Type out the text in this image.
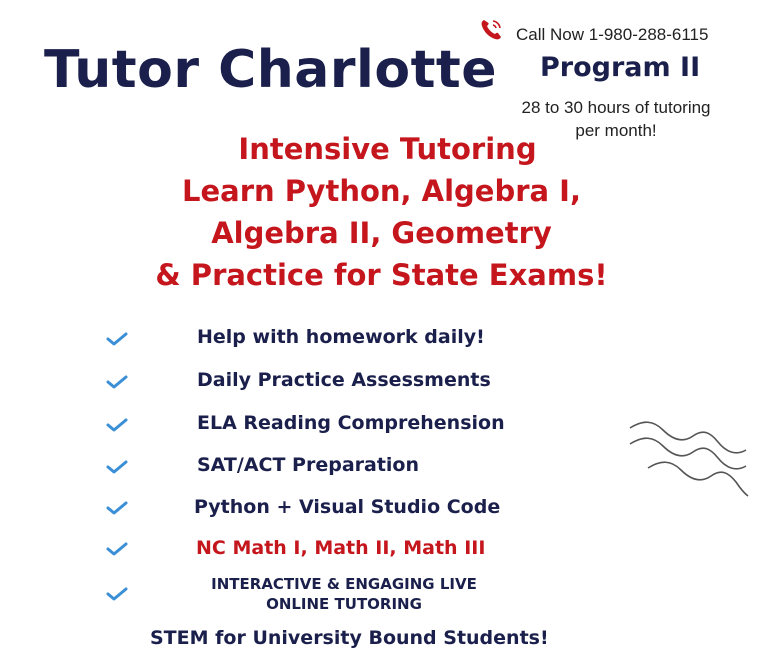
Tutor Charlotte
Call Now 1-980-288-6115
Program II
28 to 30 hours of tutoring
per month!
Intensive Tutoring
Learn Python, Algebra I,
Algebra II, Geometry
& Practice for State Exams!
Help with homework daily!
Daily Practice Assessments
ELA Reading Comprehension
SAT/ACT Preparation
Python + Visual Studio Code
NC Math I, Math II, Math III
INTERACTIVE & ENGAGING LIVE
ONLINE TUTORING
STEM for University Bound Students!
